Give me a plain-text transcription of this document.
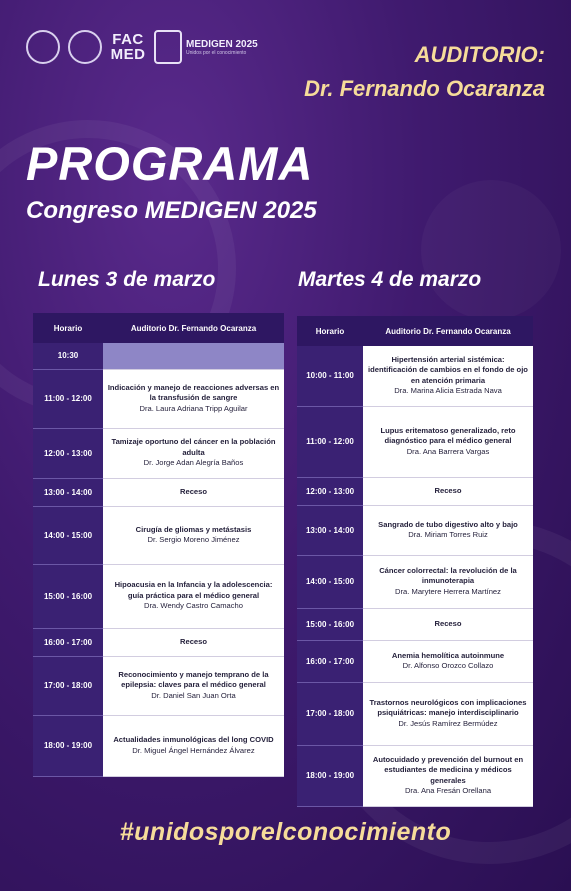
FAC
MED
MEDIGEN 2025
Unidos por el conocimiento	AUDITORIO:
Dr. Fernando Ocaranza
PROGRAMA
Congreso MEDIGEN 2025
Lunes 3 de marzo	Martes 4 de marzo
Horario	Auditorio Dr. Fernando Ocaranza
10:30	
11:00 - 12:00	Indicación y manejo de reacciones adversas en la transfusión de sangre
Dra. Laura Adriana Tripp Aguilar

12:00 - 13:00	Tamizaje oportuno del cáncer en la población adulta
Dr. Jorge Adan Alegría Baños

13:00 - 14:00	Receso

14:00 - 15:00	Cirugía de gliomas y metástasis
Dr. Sergio Moreno Jiménez

15:00 - 16:00	Hipoacusia en la Infancia y la adolescencia: guía práctica para el médico general
Dra. Wendy Castro Camacho

16:00 - 17:00	Receso

17:00 - 18:00	Reconocimiento y manejo temprano de la epilepsia: claves para el médico general
Dr. Daniel San Juan Orta

18:00 - 19:00	Actualidades inmunológicas del long COVID
Dr. Miguel Ángel Hernández Álvarez
Horario	Auditorio Dr. Fernando Ocaranza
10:00 - 11:00	Hipertensión arterial sistémica: identificación de cambios en el fondo de ojo en atención primaria
Dra. Marina Alicia Estrada Nava

11:00 - 12:00	Lupus eritematoso generalizado, reto diagnóstico para el médico general
Dra. Ana Barrera Vargas

12:00 - 13:00	Receso

13:00 - 14:00	Sangrado de tubo digestivo alto y bajo
Dra. Miriam Torres Ruiz

14:00 - 15:00	Cáncer colorrectal: la revolución de la inmunoterapia
Dra. Marytere Herrera Martínez

15:00 - 16:00	Receso

16:00 - 17:00	Anemia hemolítica autoinmune
Dr. Alfonso Orozco Collazo

17:00 - 18:00	Trastornos neurológicos con implicaciones psiquiátricas: manejo interdisciplinario
Dr. Jesús Ramírez Bermúdez

18:00 - 19:00	Autocuidado y prevención del burnout en estudiantes de medicina y médicos generales
Dra. Ana Fresán Orellana
#unidosporelconocimiento
